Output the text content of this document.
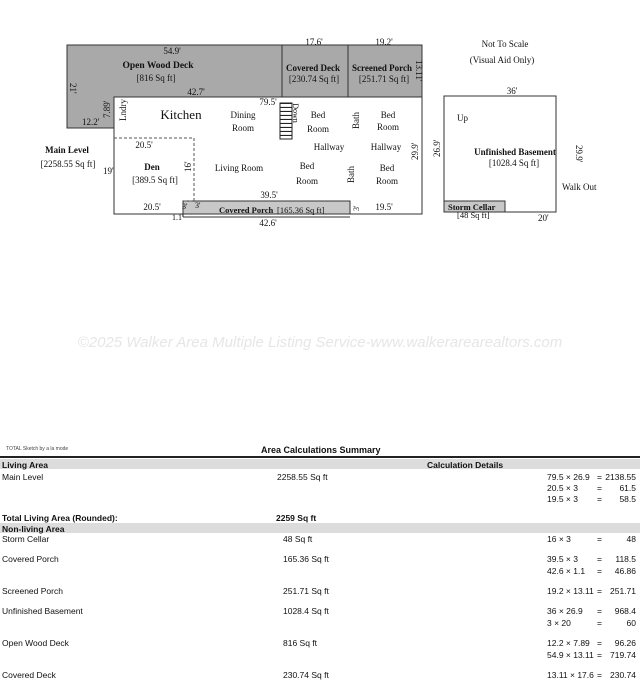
54.9'
17.6'	19.2'
13.11'
21'	42.7'
12.2'
7.89'	79.5'
Open Wood Deck
[816 Sq ft]
Covered Deck
[230.74 Sq ft]
Screened Porch
[251.71 Sq ft]
Main Level
[2258.55 Sq ft]
Lndry Kitchen	Dining
Room
Down Bed
Room Bath Bed
Room
Hallway	Hallway 29.9'
20.5'
Den
[389.5 Sq ft]
16'
19'	Living Room	Bed
Room	Bath	Bed
Room
39.5'
20.5'	3' 3' Covered Porch [165.36 Sq ft]	3' 19.5'
1.1'
42.6'
Not To Scale
(Visual Aid Only)
36'
Up
26.9'	Unfinished Basement
[1028.4 Sq ft]
29.9'
Walk Out
Storm Cellar
[48 Sq ft]	20'
©2025 Walker Area Multiple Listing Service-www.walkerarearealtors.com
TOTAL Sketch by a la mode	Area Calculations Summary
Living Area	Calculation Details
Main Level	2258.55 Sq ft	79.5 × 26.9 = 2138.55
20.5 × 3 = 61.5
19.5 × 3 = 58.5
Total Living Area (Rounded):	2259 Sq ft
Non-living Area
Storm Cellar	48 Sq ft	16 × 3	=	48
Covered Porch	165.36 Sq ft	39.5 × 3 = 118.5
42.6 × 1.1 = 46.86
Screened Porch	251.71 Sq ft	19.2 × 13.11 = 251.71
Unfinished Basement	1028.4 Sq ft	36 × 26.9 = 968.4
3 × 20	=	60
Open Wood Deck	816 Sq ft	12.2 × 7.89 = 96.26
54.9 × 13.11 = 719.74
Covered Deck	230.74 Sq ft	13.11 × 17.6 = 230.74
